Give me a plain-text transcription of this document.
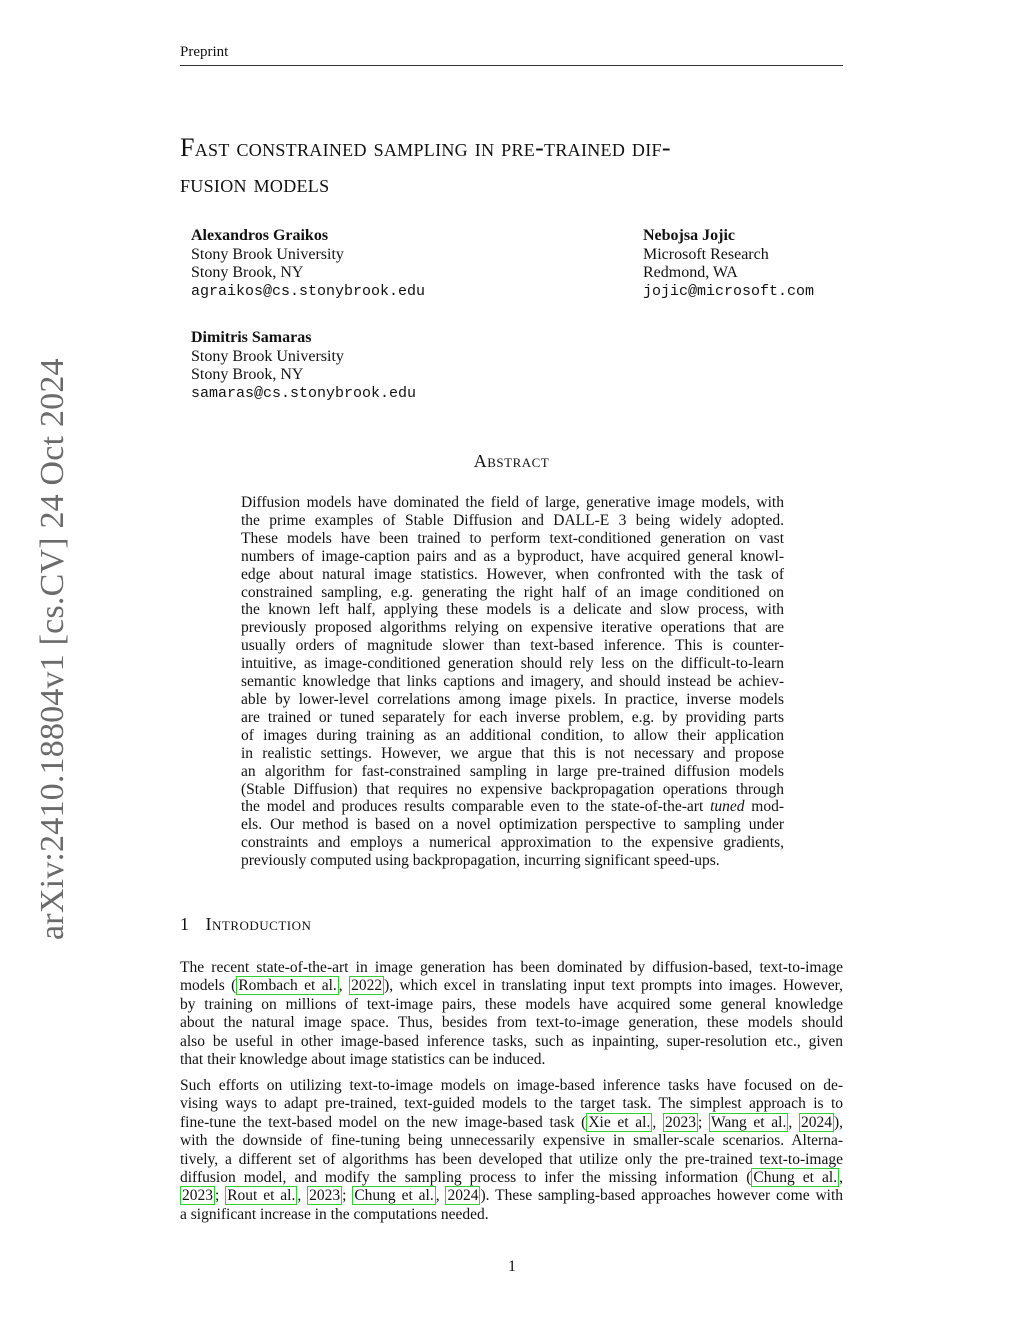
Preprint
Fast constrained sampling in pre-trained dif-
fusion models
Alexandros Graikos
Stony Brook University
Stony Brook, NY
agraikos@cs.stonybrook.edu
Nebojsa Jojic
Microsoft Research
Redmond, WA
jojic@microsoft.com
Dimitris Samaras
Stony Brook University
Stony Brook, NY
samaras@cs.stonybrook.edu
arXiv:2410.18804v1 [cs.CV] 24 Oct 2024	Abstract
Diffusion models have dominated the field of large, generative image models, with
the prime examples of Stable Diffusion and DALL-E 3 being widely adopted.
These models have been trained to perform text-conditioned generation on vast
numbers of image-caption pairs and as a byproduct, have acquired general knowl-
edge about natural image statistics. However, when confronted with the task of
constrained sampling, e.g. generating the right half of an image conditioned on
the known left half, applying these models is a delicate and slow process, with
previously proposed algorithms relying on expensive iterative operations that are
usually orders of magnitude slower than text-based inference. This is counter-
intuitive, as image-conditioned generation should rely less on the difficult-to-learn
semantic knowledge that links captions and imagery, and should instead be achiev-
able by lower-level correlations among image pixels. In practice, inverse models
are trained or tuned separately for each inverse problem, e.g. by providing parts
of images during training as an additional condition, to allow their application
in realistic settings. However, we argue that this is not necessary and propose
an algorithm for fast-constrained sampling in large pre-trained diffusion models
(Stable Diffusion) that requires no expensive backpropagation operations through
the model and produces results comparable even to the state-of-the-art tuned mod-
els. Our method is based on a novel optimization perspective to sampling under
constraints and employs a numerical approximation to the expensive gradients,
previously computed using backpropagation, incurring significant speed-ups.
1 Introduction
The recent state-of-the-art in image generation has been dominated by diffusion-based, text-to-image
models ( Rombach et al. , 2022 ), which excel in translating input text prompts into images. However,
by training on millions of text-image pairs, these models have acquired some general knowledge
about the natural image space. Thus, besides from text-to-image generation, these models should
also be useful in other image-based inference tasks, such as inpainting, super-resolution etc., given
that their knowledge about image statistics can be induced.
Such efforts on utilizing text-to-image models on image-based inference tasks have focused on de-
vising ways to adapt pre-trained, text-guided models to the target task. The simplest approach is to
fine-tune the text-based model on the new image-based task ( Xie et al. , 2023 ; Wang et al. , 2024 ),
with the downside of fine-tuning being unnecessarily expensive in smaller-scale scenarios. Alterna-
tively, a different set of algorithms has been developed that utilize only the pre-trained text-to-image
diffusion model, and modify the sampling process to infer the missing information ( Chung et al. ,
2023 ; Rout et al. , 2023 ; Chung et al. , 2024 ). These sampling-based approaches however come with
a significant increase in the computations needed.
1
